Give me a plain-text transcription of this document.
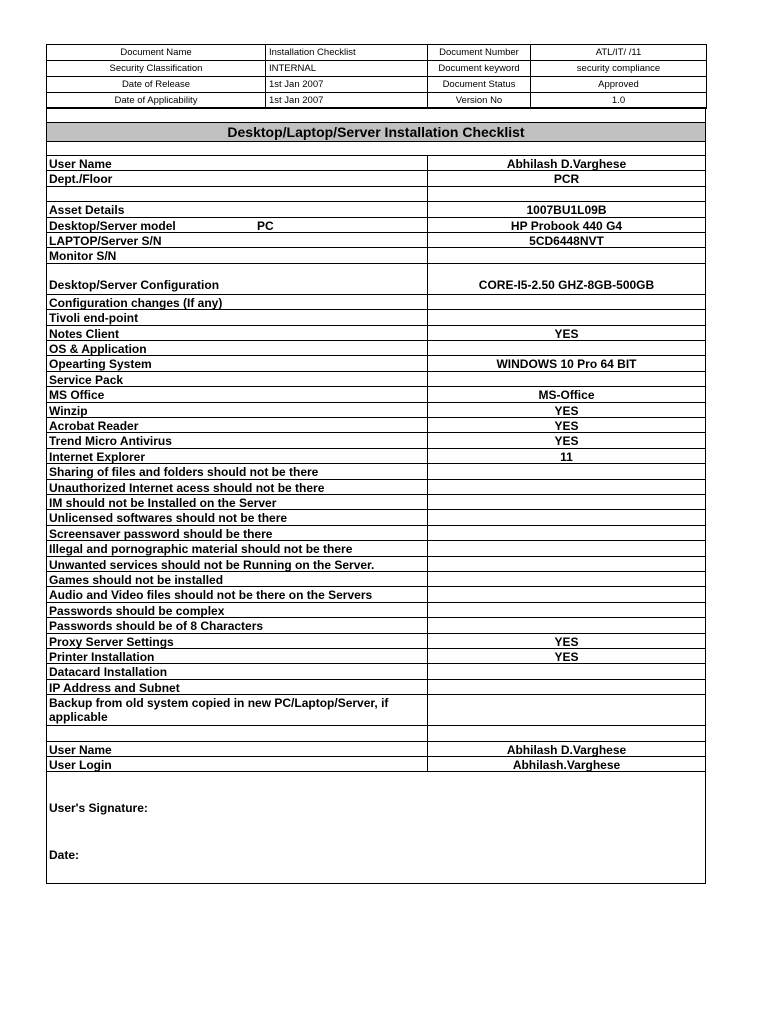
Document Name	Installation Checklist	Document Number	ATL/IT/ /11
Security Classification	INTERNAL	Document keyword	security compliance
Date of Release	1st Jan 2007	Document Status	Approved
Date of Applicability	1st Jan 2007	Version No	1.0
Desktop/Laptop/Server Installation Checklist
User Name	Abhilash D.Varghese
Dept./Floor	PCR
Asset Details	1007BU1L09B
Desktop/Server model	PC	HP Probook 440 G4
LAPTOP/Server S/N	5CD6448NVT
Monitor S/N
Desktop/Server Configuration	CORE-I5-2.50 GHZ-8GB-500GB
Configuration changes (If any)
Tivoli end-point
Notes Client	YES
OS & Application
Opearting System	WINDOWS 10 Pro 64 BIT
Service Pack
MS Office	MS-Office
Winzip	YES
Acrobat Reader	YES
Trend Micro Antivirus	YES
Internet Explorer	11
Sharing of files and folders should not be there
Unauthorized Internet acess should not be there
IM should not be Installed on the Server
Unlicensed softwares should not be there
Screensaver password should be there
Illegal and pornographic material should not be there
Unwanted services should not be Running on the Server.
Games should not be installed
Audio and Video files should not be there on the Servers
Passwords should be complex
Passwords should be of 8 Characters
Proxy Server Settings	YES
Printer Installation	YES
Datacard Installation
IP Address and Subnet
Backup from old system copied in new PC/Laptop/Server, if applicable
User Name	Abhilash D.Varghese
User Login	Abhilash.Varghese
User's Signature:
Date:
